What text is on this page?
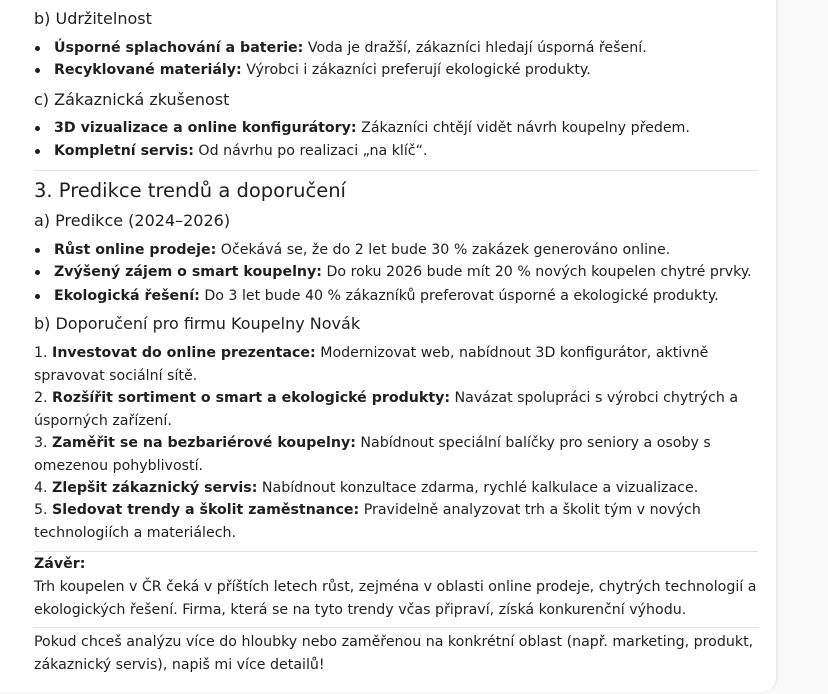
b) Udržitelnost
Úsporné splachování a baterie: Voda je dražší, zákazníci hledají úsporná řešení.
Recyklované materiály: Výrobci i zákazníci preferují ekologické produkty.
c) Zákaznická zkušenost
3D vizualizace a online konfigurátory: Zákazníci chtějí vidět návrh koupelny předem.
Kompletní servis: Od návrhu po realizaci „na klíč“.
3. Predikce trendů a doporučení
a) Predikce (2024–2026)
Růst online prodeje: Očekává se, že do 2 let bude 30 % zakázek generováno online.
Zvýšený zájem o smart koupelny: Do roku 2026 bude mít 20 % nových koupelen chytré prvky.
Ekologická řešení: Do 3 let bude 40 % zákazníků preferovat úsporné a ekologické produkty.
b) Doporučení pro firmu Koupelny Novák
1. Investovat do online prezentace: Modernizovat web, nabídnout 3D konfigurátor, aktivně spravovat sociální sítě.
2. Rozšířit sortiment o smart a ekologické produkty: Navázat spolupráci s výrobci chytrých a úsporných zařízení.
3. Zaměřit se na bezbariérové koupelny: Nabídnout speciální balíčky pro seniory a osoby s omezenou pohyblivostí.
4. Zlepšit zákaznický servis: Nabídnout konzultace zdarma, rychlé kalkulace a vizualizace.
5. Sledovat trendy a školit zaměstnance: Pravidelně analyzovat trh a školit tým v nových technologiích a materiálech.
Závěr:
Trh koupelen v ČR čeká v příštích letech růst, zejména v oblasti online prodeje, chytrých technologií a ekologických řešení. Firma, která se na tyto trendy včas připraví, získá konkurenční výhodu.
Pokud chceš analýzu více do hloubky nebo zaměřenou na konkrétní oblast (např. marketing, produkt, zákaznický servis), napiš mi více detailů!
